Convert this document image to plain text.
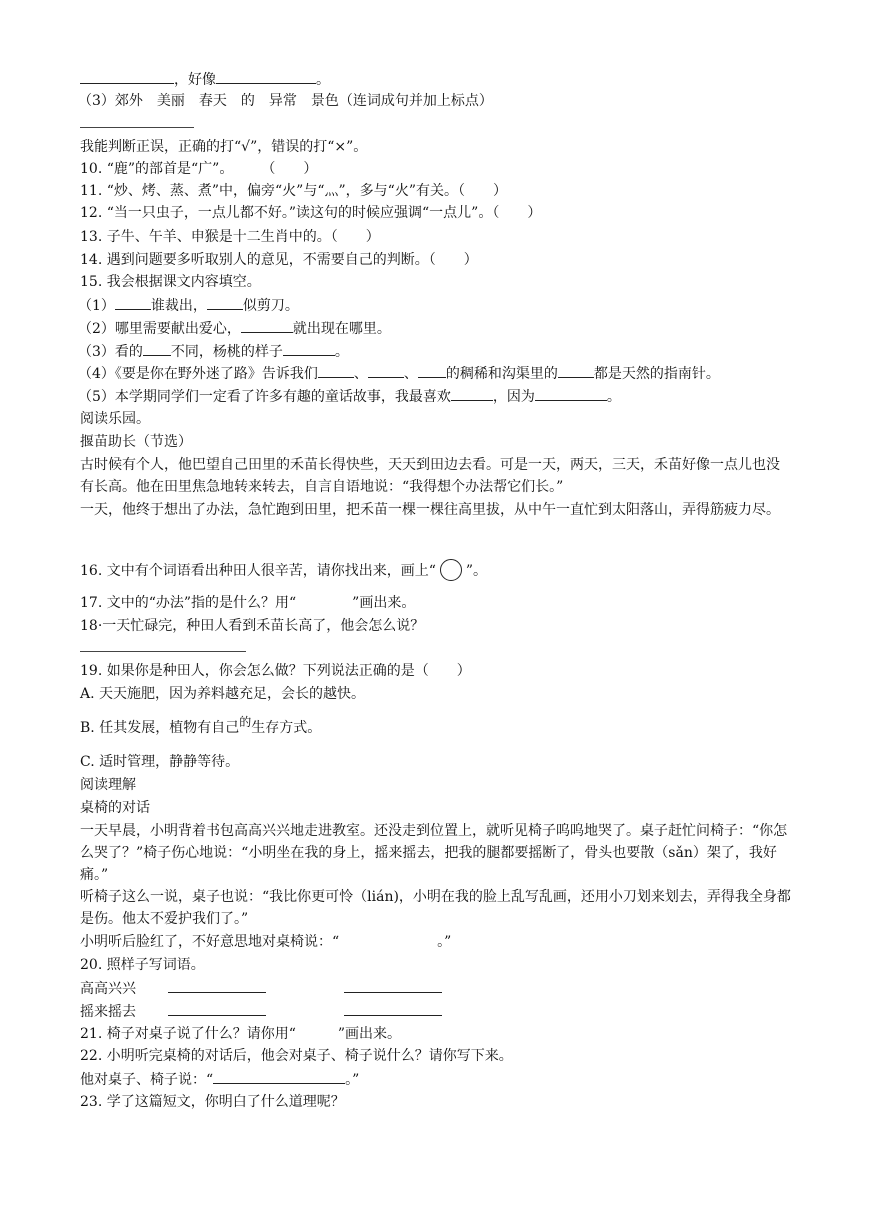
，好像	。
（3）郊外　美丽　春天　的　异常　景色（连词成句并加上标点）
我能判断正误，正确的打“√”，错误的打“×”。
10. “鹿”的部首是“广”。　　　（　　）
11. “炒、烤、蒸、煮”中，偏旁“火”与“灬”，多与“火”有关。（　　）
12. “当一只虫子，一点儿都不好。”读这句的时候应强调“一点儿”。（　　）
13. 子牛、午羊、申猴是十二生肖中的。（　　）
14. 遇到问题要多听取别人的意见，不需要自己的判断。（　　）
15. 我会根据课文内容填空。
（1）	谁裁出，	似剪刀。
（2）哪里需要献出爱心，	就出现在哪里。
（3）看的 不同，杨桃的样子	。
（4）《要是你在野外迷了路》告诉我们	、	、 的稠稀和沟渠里的	都是天然的指南针。
（5）本学期同学们一定看了许多有趣的童话故事，我最喜欢	，因为	。
阅读乐园。
揠苗助长（节选）
古时候有个人，他巴望自己田里的禾苗长得快些，天天到田边去看。可是一天，两天，三天，禾苗好像一点儿也没有长高。他在田里焦急地转来转去，自言自语地说：“我得想个办法帮它们长。”
一天，他终于想出了办法，急忙跑到田里，把禾苗一棵一棵往高里拔，从中午一直忙到太阳落山，弄得筋疲力尽。
16. 文中有个词语看出种田人很辛苦，请你找出来，画上“ ”。
17. 文中的“办法”指的是什么？用“　　　　”画出来。
18·一天忙碌完，种田人看到禾苗长高了，他会怎么说？
19. 如果你是种田人，你会怎么做？下列说法正确的是（　　）
A. 天天施肥，因为养料越充足，会长的越快。
B. 任其发展，植物有自己的生存方式。
C. 适时管理，静静等待。
阅读理解
桌椅的对话
一天早晨，小明背着书包高高兴兴地走进教室。还没走到位置上，就听见椅子呜呜地哭了。桌子赶忙问椅子：“你怎么哭了？”椅子伤心地说：“小明坐在我的身上，摇来摇去，把我的腿都要摇断了，骨头也要散（sǎn）架了，我好痛。”
听椅子这么一说，桌子也说：“我比你更可怜（lián)，小明在我的脸上乱写乱画，还用小刀划来划去，弄得我全身都是伤。他太不爱护我们了。”
小明听后脸红了，不好意思地对桌椅说：“　　　　　　　。”
20. 照样子写词语。
高高兴兴
摇来摇去
21. 椅子对桌子说了什么？请你用“　　　”画出来。
22. 小明听完桌椅的对话后，他会对桌子、椅子说什么？请你写下来。
他对桌子、椅子说：“	。”
23. 学了这篇短文，你明白了什么道理呢？
